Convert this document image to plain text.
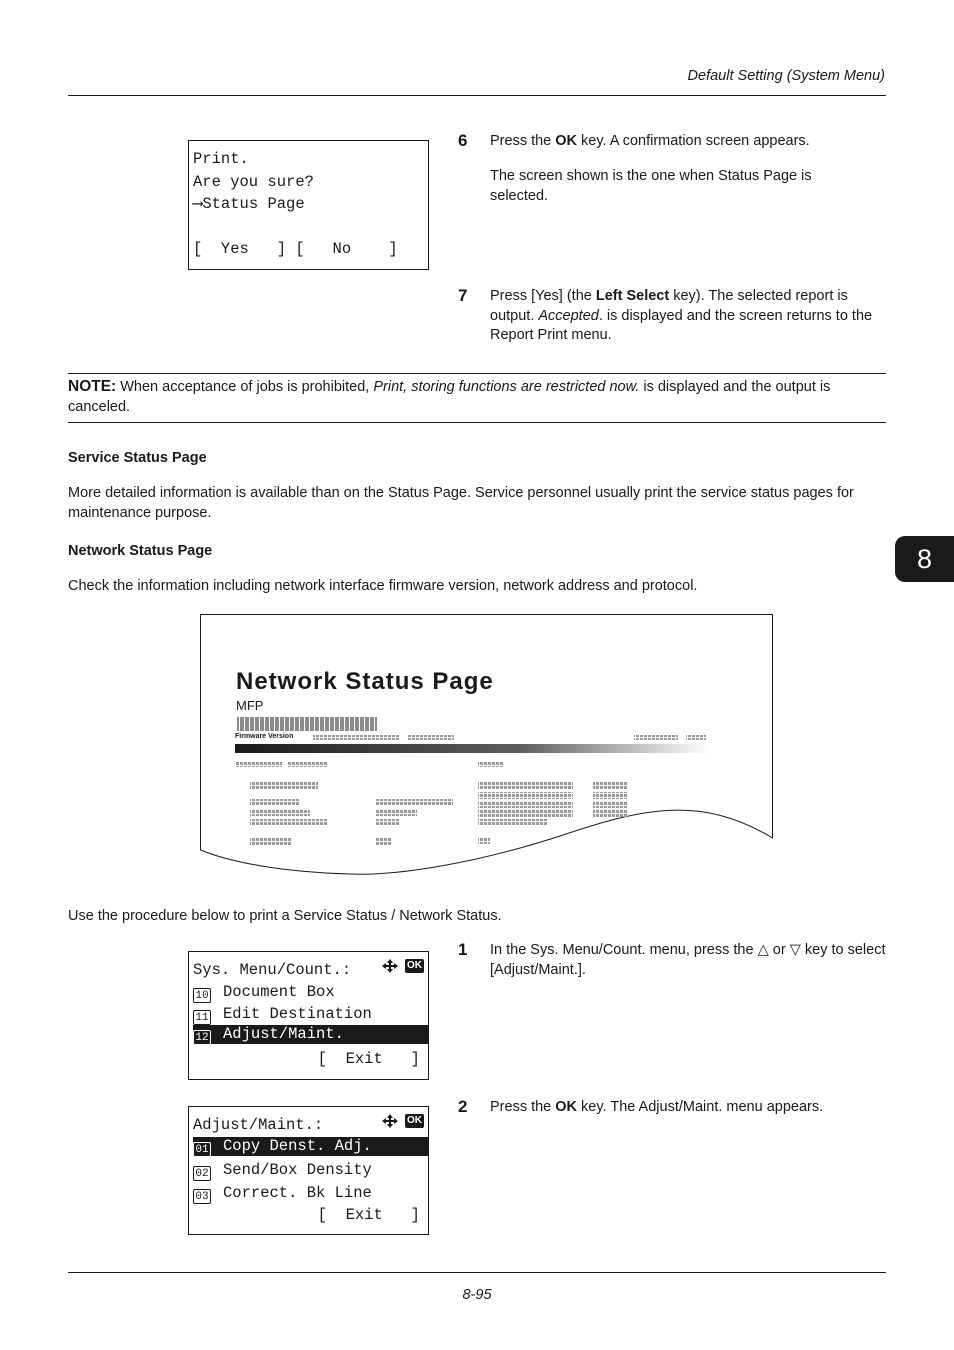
Default Setting (System Menu)
8
Print.
Are you sure?
⟶Status Page
[  Yes   ] [   No    ]
6 Press the OK key. A confirmation screen appears.
The screen shown is the one when Status Page is selected.
7 Press [Yes] (the Left Select key). The selected report is output. Accepted. is displayed and the screen returns to the Report Print menu.
NOTE: When acceptance of jobs is prohibited, Print, storing functions are restricted now. is displayed and the output is canceled.
Service Status Page
More detailed information is available than on the Status Page. Service personnel usually print the service status pages for maintenance purpose.
Network Status Page
Check the information including network interface firmware version, network address and protocol.
Network Status Page
MFP
Firmware Version
Use the procedure below to print a Service Status / Network Status.
Sys. Menu/Count.:	OK
10 Document Box
11 Edit Destination
12 Adjust/Maint.
[  Exit   ]
1 In the Sys. Menu/Count. menu, press the △ or ▽ key to select [Adjust/Maint.].
Adjust/Maint.:	OK
01 Copy Denst. Adj.
02 Send/Box Density
03 Correct. Bk Line
[  Exit   ]
2 Press the OK key. The Adjust/Maint. menu appears.
8-95
